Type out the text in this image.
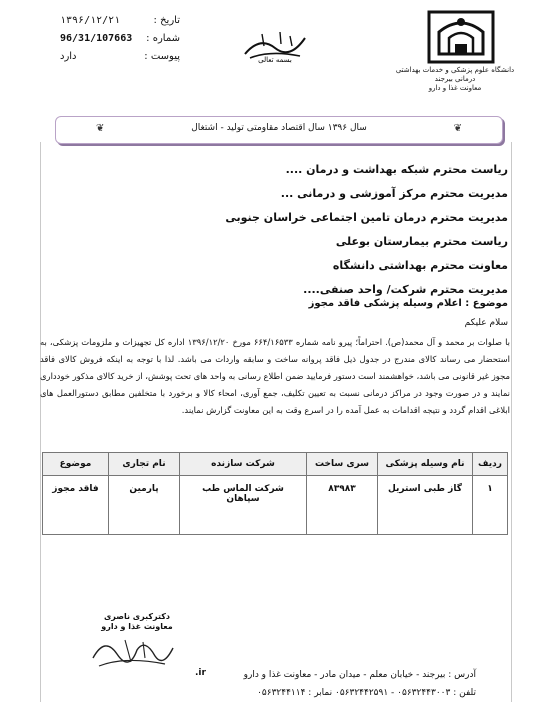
تاریخ :
۱۳۹۶/۱۲/۲۱
شماره :
96/31/107663
پیوست :
دارد	بسمه تعالی
دانشگاه علوم پزشکی و خدمات بهداشتی درمانی بیرجند
معاونت غذا و دارو
❦	سال ۱۳۹۶ سال اقتصاد مقاومتی تولید - اشتغال	❦
ریاست محترم شبکه بهداشت و درمان ....
مدیریت محترم مرکز آموزشی و درمانی ...
مدیریت محترم درمان تامین اجتماعی خراسان جنوبی
ریاست محترم بیمارستان بوعلی
معاونت محترم بهداشتی دانشگاه
مدیریت محترم شرکت/ واحد صنفی....
موضوع : اعلام وسیله پزشکی فاقد مجوز
سلام علیکم
با صلوات بر محمد و آل محمد(ص). احتراماً؛ پیرو نامه شماره ۶۶۴/۱۶۵۳۳ مورخ ۱۳۹۶/۱۲/۲۰ اداره کل تجهیزات و ملزومات پزشکی، به استحضار می رساند کالای مندرج در جدول ذیل فاقد پروانه ساخت و سابقه واردات می باشد. لذا با توجه به اینکه فروش کالای فاقد مجوز غیر قانونی می باشد، خواهشمند است دستور فرمایید ضمن اطلاع رسانی به واحد های تحت پوشش، از خرید کالای مذکور خودداری نمایند و در صورت وجود در مراکز درمانی نسبت به تعیین تکلیف، جمع آوری، امحاء کالا و برخورد با متخلفین مطابق دستورالعمل های ابلاغی اقدام گردد و نتیجه اقدامات به عمل آمده را در اسرع وقت به این معاونت گزارش نمایند.
ردیف	نام وسیله پزشکی	سری ساخت	شرکت سازنده	نام تجاری	موضوع
۱	گاز طبی استریل	۸۳۹۸۳	شرکت الماس طب سپاهان	پارمین	فاقد مجوز
دکترکبری ناصری
معاونت غذا و دارو
آدرس : بیرجند - خیابان معلم - میدان مادر - معاونت غذا و دارو
تلفن : ۰۵۶۳۲۴۴۳۰۰۳ - ۰۵۶۳۲۴۴۲۵۹۱ نمابر : ۰۵۶۳۲۴۴۱۱۴
.ir
